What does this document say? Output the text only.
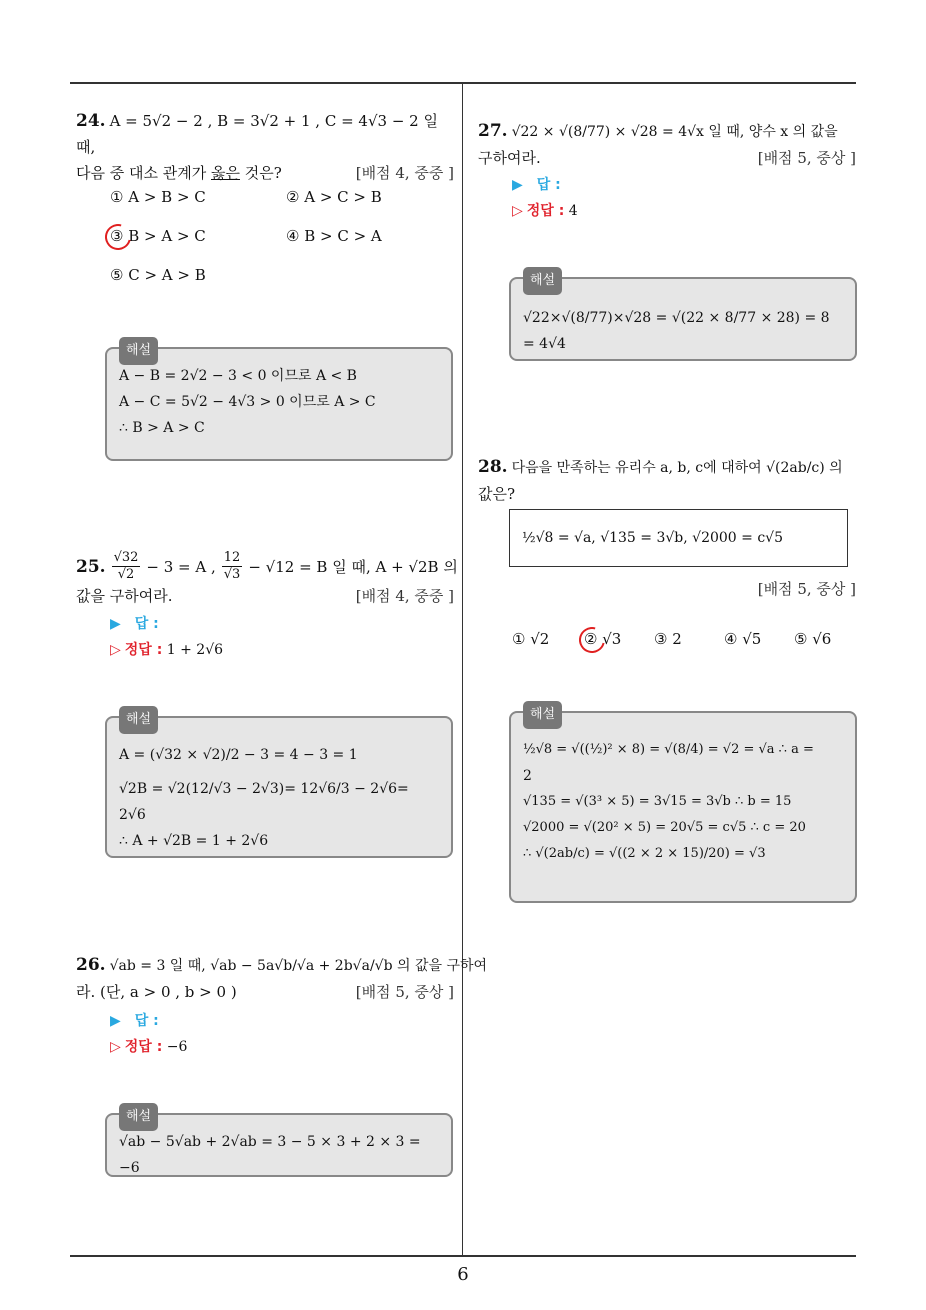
6
24. A = 5√2 − 2 , B = 3√2 + 1 , C = 4√3 − 2 일 때,
다음 중 대소 관계가 옳은 것은?	[배점 4, 중중 ]
① A > B > C	② A > C > B
③ B > A > C	④ B > C > A
⑤ C > A > B
해설
A − B = 2√2 − 3 < 0 이므로 A < B
A − C = 5√2 − 4√3 > 0 이므로 A > C
∴ B > A > C
25. $\frac{√32}{√2} - 3 = A$ , $\frac{12}{√3} - √12 = B$ 일 때, A + √2B 의
값을 구하여라.	[배점 4, 중중 ]
▶ 답 :
▷ 정답 : 1 + 2√6
해설
A = (√32 × √2)/2 − 3 = 4 − 3 = 1
√2B = √2(12/√3 − 2√3)= 12√6/3 − 2√6= 2√6
∴ A + √2B = 1 + 2√6
26. √ab = 3 일 때, √ab − 5a√b/√a + 2b√a/√b 의 값을 구하여
라. (단, a > 0 , b > 0 )	[배점 5, 중상 ]
▶ 답 :
▷ 정답 : −6
해설
√ab − 5√ab + 2√ab = 3 − 5 × 3 + 2 × 3 = −6
27. √22 × √(8/77) × √28 = 4√x 일 때, 양수 x 의 값을
구하여라.	[배점 5, 중상 ]
▶ 답 :
▷ 정답 : 4
해설
√22×√(8/77)×√28 = √(22 × 8/77 × 28) = 8 = 4√4
28. 다음을 만족하는 유리수 a, b, c에 대하여 √(2ab/c) 의
값은?
½√8 = √a, √135 = 3√b, √2000 = c√5
[배점 5, 중상 ]
① √2 ② √3 ③ 2	④ √5 ⑤ √6
해설
½√8 = √((½)² × 8) = √(8/4) = √2 = √a ∴ a =
2
√135 = √(3³ × 5) = 3√15 = 3√b ∴ b = 15
√2000 = √(20² × 5) = 20√5 = c√5 ∴ c = 20
∴ √(2ab/c) = √((2 × 2 × 15)/20) = √3
